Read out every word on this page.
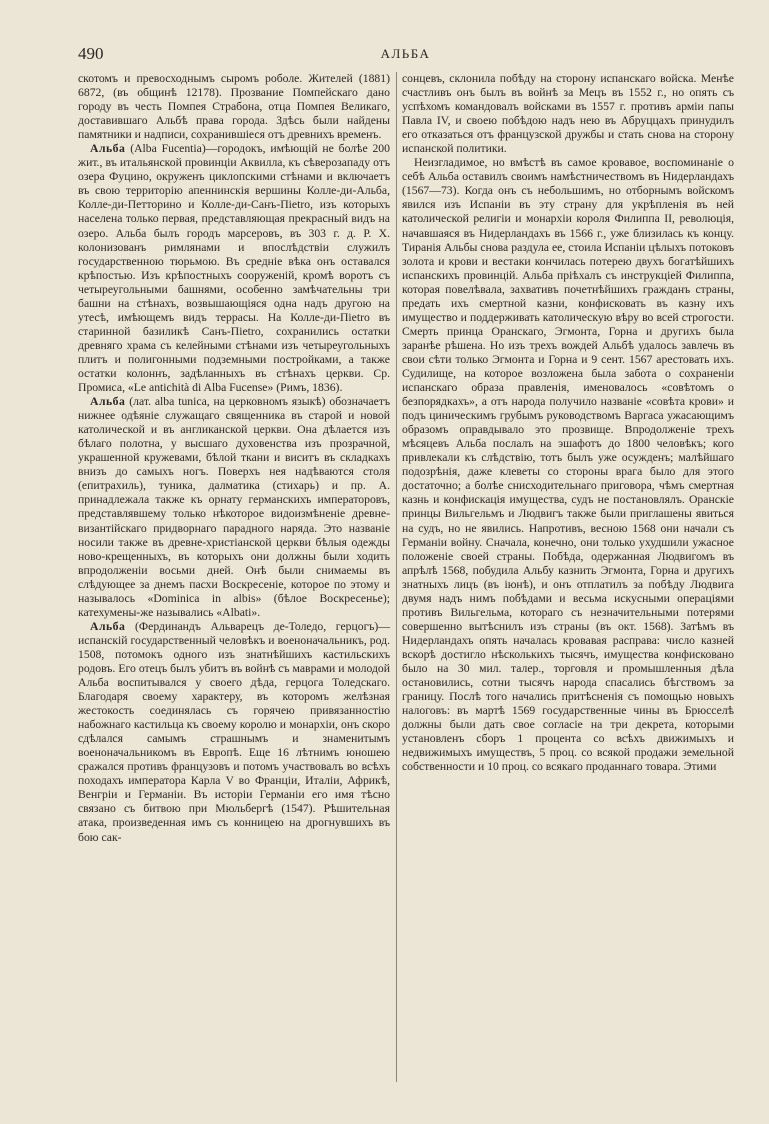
490	АЛЬБА

скотомъ и превосходнымъ сыромъ роболе. Жителей (1881) 6872, (въ общинѣ 12178). Прозвание Помпейскаго дано городу въ честь Помпея Страбона, отца Помпея Великаго, доставившаго Альбѣ права города. Здѣсь были найдены памятники и надписи, сохранившіеся отъ древнихъ временъ.

Альба (Alba Fucentia)—городокъ, имѣющій не болѣе 200 жит., въ итальянской провинціи Аквилла, къ сѣверозападу отъ озера Фуцино, окруженъ циклопскими стѣнами и включаетъ въ свою территорію апеннинскія вершины Колле-ди-Альба, Колле-ди-Петторино и Колле-ди-Санъ-Пietro, изъ которыхъ населена только первая, представляющая прекрасный видъ на озеро. Альба былъ городъ марсеровъ, въ 303 г. д. Р. Х. колонизованъ римлянами и впослѣдствіи служилъ государственною тюрьмою. Въ средніе вѣка онъ оставался крѣпостью. Изъ крѣпостныхъ сооруженій, кромѣ воротъ съ четыреугольными башнями, особенно замѣчательны три башни на стѣнахъ, возвышающіяся одна надъ другою на утесѣ, имѣющемъ видъ террасы. На Колле-ди-Пietro въ старинной базиликѣ Санъ-Пietro, сохранились остатки древняго храма съ келейными стѣнами изъ четыреугольныхъ плитъ и полигонными подземными постройками, а также остатки колоннъ, задѣланныхъ въ стѣнахъ церкви. Ср. Промиса, «Le antichità di Alba Fucense» (Римъ, 1836).

Альба (лат. alba tunica, на церковномъ языкѣ) обозначаетъ нижнее одѣяніе служащаго священника въ старой и новой католической и въ англиканской церкви. Она дѣлается изъ бѣлаго полотна, у высшаго духовенства изъ прозрачной, украшенной кружевами, бѣлой ткани и виситъ въ складкахъ внизъ до самыхъ ногъ. Поверхъ нея надѣваются столя (епитрахиль), туника, далматика (стихарь) и пр. А. принадлежала также къ орнату германскихъ императоровъ, представлявшему только нѣкоторое видоизмѣненіе древне-византійскаго придворнаго парадного наряда. Это названіе носили также въ древне-христіанской церкви бѣлыя одежды ново-крещенныхъ, въ которыхъ они должны были ходить впродолженіи восьми дней. Онѣ были снимаемы въ слѣдующее за днемъ пасхи Воскресеніе, которое по этому и называлось «Dominica in albis» (бѣлое Воскресенье); катехумены-же назывались «Albati».

Альба (Фердинандъ Альварецъ де-Толедо, герцогъ)—испанскій государственный человѣкъ и военоначальникъ, род. 1508, потомокъ одного изъ знатнѣйшихъ кастильскихъ родовъ. Его отецъ былъ убитъ въ войнѣ съ маврами и молодой Альба воспитывался у своего дѣда, герцога Толедскаго. Благодаря своему характеру, въ которомъ желѣзная жестокость соединялась съ горячею привязанностію набожнаго кастильца къ своему королю и монархіи, онъ скоро сдѣлался самымъ страшнымъ и знаменитымъ военоначальникомъ въ Европѣ. Еще 16 лѣтнимъ юношею сражался противъ французовъ и потомъ участвовалъ во всѣхъ походахъ императора Карла V во Франціи, Италіи, Африкѣ, Венгріи и Германіи. Въ исторіи Германіи его имя тѣсно связано съ битвою при Мюльбергѣ (1547). Рѣшительная атака, произведенная имъ съ конницею на дрогнувшихъ въ бою сак-

сонцевъ, склонила побѣду на сторону испанскаго войска. Менѣе счастливъ онъ былъ въ войнѣ за Мецъ въ 1552 г., но опять съ успѣхомъ командовалъ войсками въ 1557 г. противъ арміи папы Павла IV, и своею побѣдою надъ нею въ Абруццахъ принудилъ его отказаться отъ французской дружбы и стать снова на сторону испанской политики.

Неизгладимое, но вмѣстѣ въ самое кровавое, воспоминаніе о себѣ Альба оставилъ своимъ намѣстничествомъ въ Нидерландахъ (1567—73). Когда онъ съ небольшимъ, но отборнымъ войскомъ явился изъ Испаніи въ эту страну для укрѣпленія въ ней католической религіи и монархіи короля Филиппа II, революція, начавшаяся въ Нидерландахъ въ 1566 г., уже близилась къ концу. Тиранія Альбы снова раздула ее, стоила Испаніи цѣлыхъ потоковъ золота и крови и вестаки кончилась потерею двухъ богатѣйшихъ испанскихъ провинцій. Альба пріѣхалъ съ инструкціей Филиппа, которая повелѣвала, захвативъ почетнѣйшихъ гражданъ страны, предать ихъ смертной казни, конфисковать въ казну ихъ имущество и поддерживать католическую вѣру во всей строгости. Смерть принца Оранскаго, Эгмонта, Горна и другихъ была заранѣе рѣшена. Но изъ трехъ вождей Альбѣ удалось завлечь въ свои сѣти только Эгмонта и Горна и 9 сент. 1567 арестовать ихъ. Судилище, на которое возложена была забота о сохраненіи испанскаго образа правленія, именовалось «совѣтомъ о безпорядкахъ», а отъ народа получило названіе «совѣта крови» и подъ циническимъ грубымъ руководствомъ Варгаса ужасающимъ образомъ оправдывало это прозвище. Впродолженіе трехъ мѣсяцевъ Альба послалъ на эшафотъ до 1800 человѣкъ; кого привлекали къ слѣдствію, тотъ былъ уже осужденъ; малѣйшаго подозрѣнія, даже клеветы со стороны врага было для этого достаточно; а болѣе снисходительнаго приговора, чѣмъ смертная казнь и конфискація имущества, судъ не постановлялъ. Оранскіе принцы Вильгельмъ и Людвигъ также были приглашены явиться на судъ, но не явились. Напротивъ, весною 1568 они начали съ Германіи войну. Сначала, конечно, они только ухудшили ужасное положеніе своей страны. Побѣда, одержанная Людвигомъ въ апрѣлѣ 1568, побудила Альбу казнить Эгмонта, Горна и другихъ знатныхъ лицъ (въ іюнѣ), и онъ отплатилъ за побѣду Людвига двумя надъ нимъ побѣдами и весьма искусными операціями противъ Вильгельма, котораго съ незначительными потерями совершенно вытѣснилъ изъ страны (въ окт. 1568). Затѣмъ въ Нидерландахъ опять началась кровавая расправа: число казней вскорѣ достигло нѣсколькихъ тысячъ, имущества конфисковано было на 30 мил. талер., торговля и промышленныя дѣла остановились, сотни тысячъ народа спасались бѣгствомъ за границу. Послѣ того начались притѣсненія съ помощью новыхъ налоговъ: въ мартѣ 1569 государственные чины въ Брюсселѣ должны были дать свое согласіе на три декрета, которыми установленъ сборъ 1 процента со всѣхъ движимыхъ и недвижимыхъ имуществъ, 5 проц. со всякой продажи земельной собственности и 10 проц. со всякаго проданнаго товара. Этими
